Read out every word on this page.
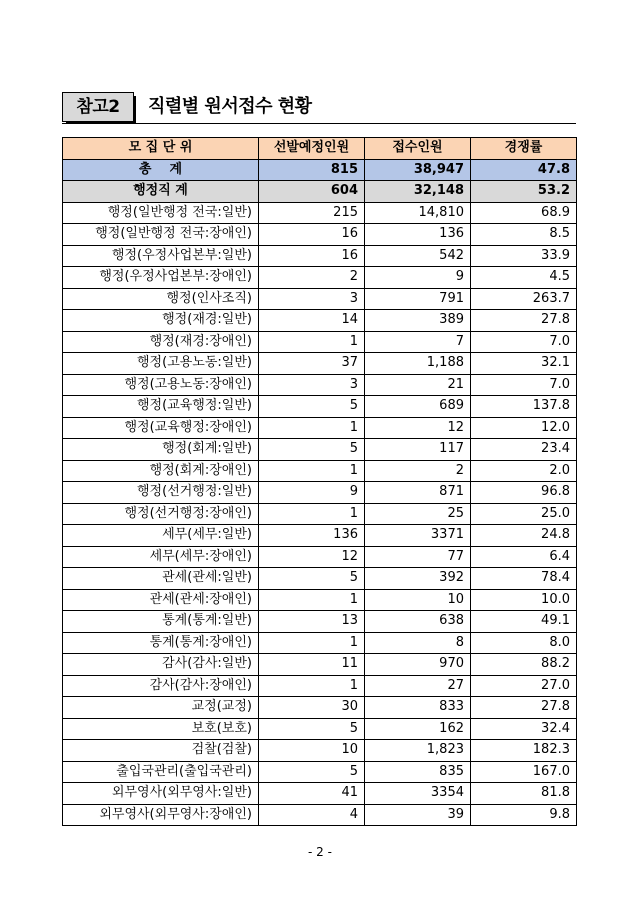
참고2	직렬별 원서접수 현황
모 집 단 위	선발예정인원	접수인원	경쟁률
총    계	815	38,947	47.8
행정직 계	604	32,148	53.2
행정(일반행정 전국:일반)	215	14,810	68.9
행정(일반행정 전국:장애인)	16	136	8.5
행정(우정사업본부:일반)	16	542	33.9
행정(우정사업본부:장애인)	2	9	4.5
행정(인사조직)	3	791	263.7
행정(재경:일반)	14	389	27.8
행정(재경:장애인)	1	7	7.0
행정(고용노동:일반)	37	1,188	32.1
행정(고용노동:장애인)	3	21	7.0
행정(교육행정:일반)	5	689	137.8
행정(교육행정:장애인)	1	12	12.0
행정(회계:일반)	5	117	23.4
행정(회계:장애인)	1	2	2.0
행정(선거행정:일반)	9	871	96.8
행정(선거행정:장애인)	1	25	25.0
세무(세무:일반)	136	3371	24.8
세무(세무:장애인)	12	77	6.4
관세(관세:일반)	5	392	78.4
관세(관세:장애인)	1	10	10.0
통계(통계:일반)	13	638	49.1
통계(통계:장애인)	1	8	8.0
감사(감사:일반)	11	970	88.2
감사(감사:장애인)	1	27	27.0
교정(교정)	30	833	27.8
보호(보호)	5	162	32.4
검찰(검찰)	10	1,823	182.3
출입국관리(출입국관리)	5	835	167.0
외무영사(외무영사:일반)	41	3354	81.8
외무영사(외무영사:장애인)	4	39	9.8
- 2 -
